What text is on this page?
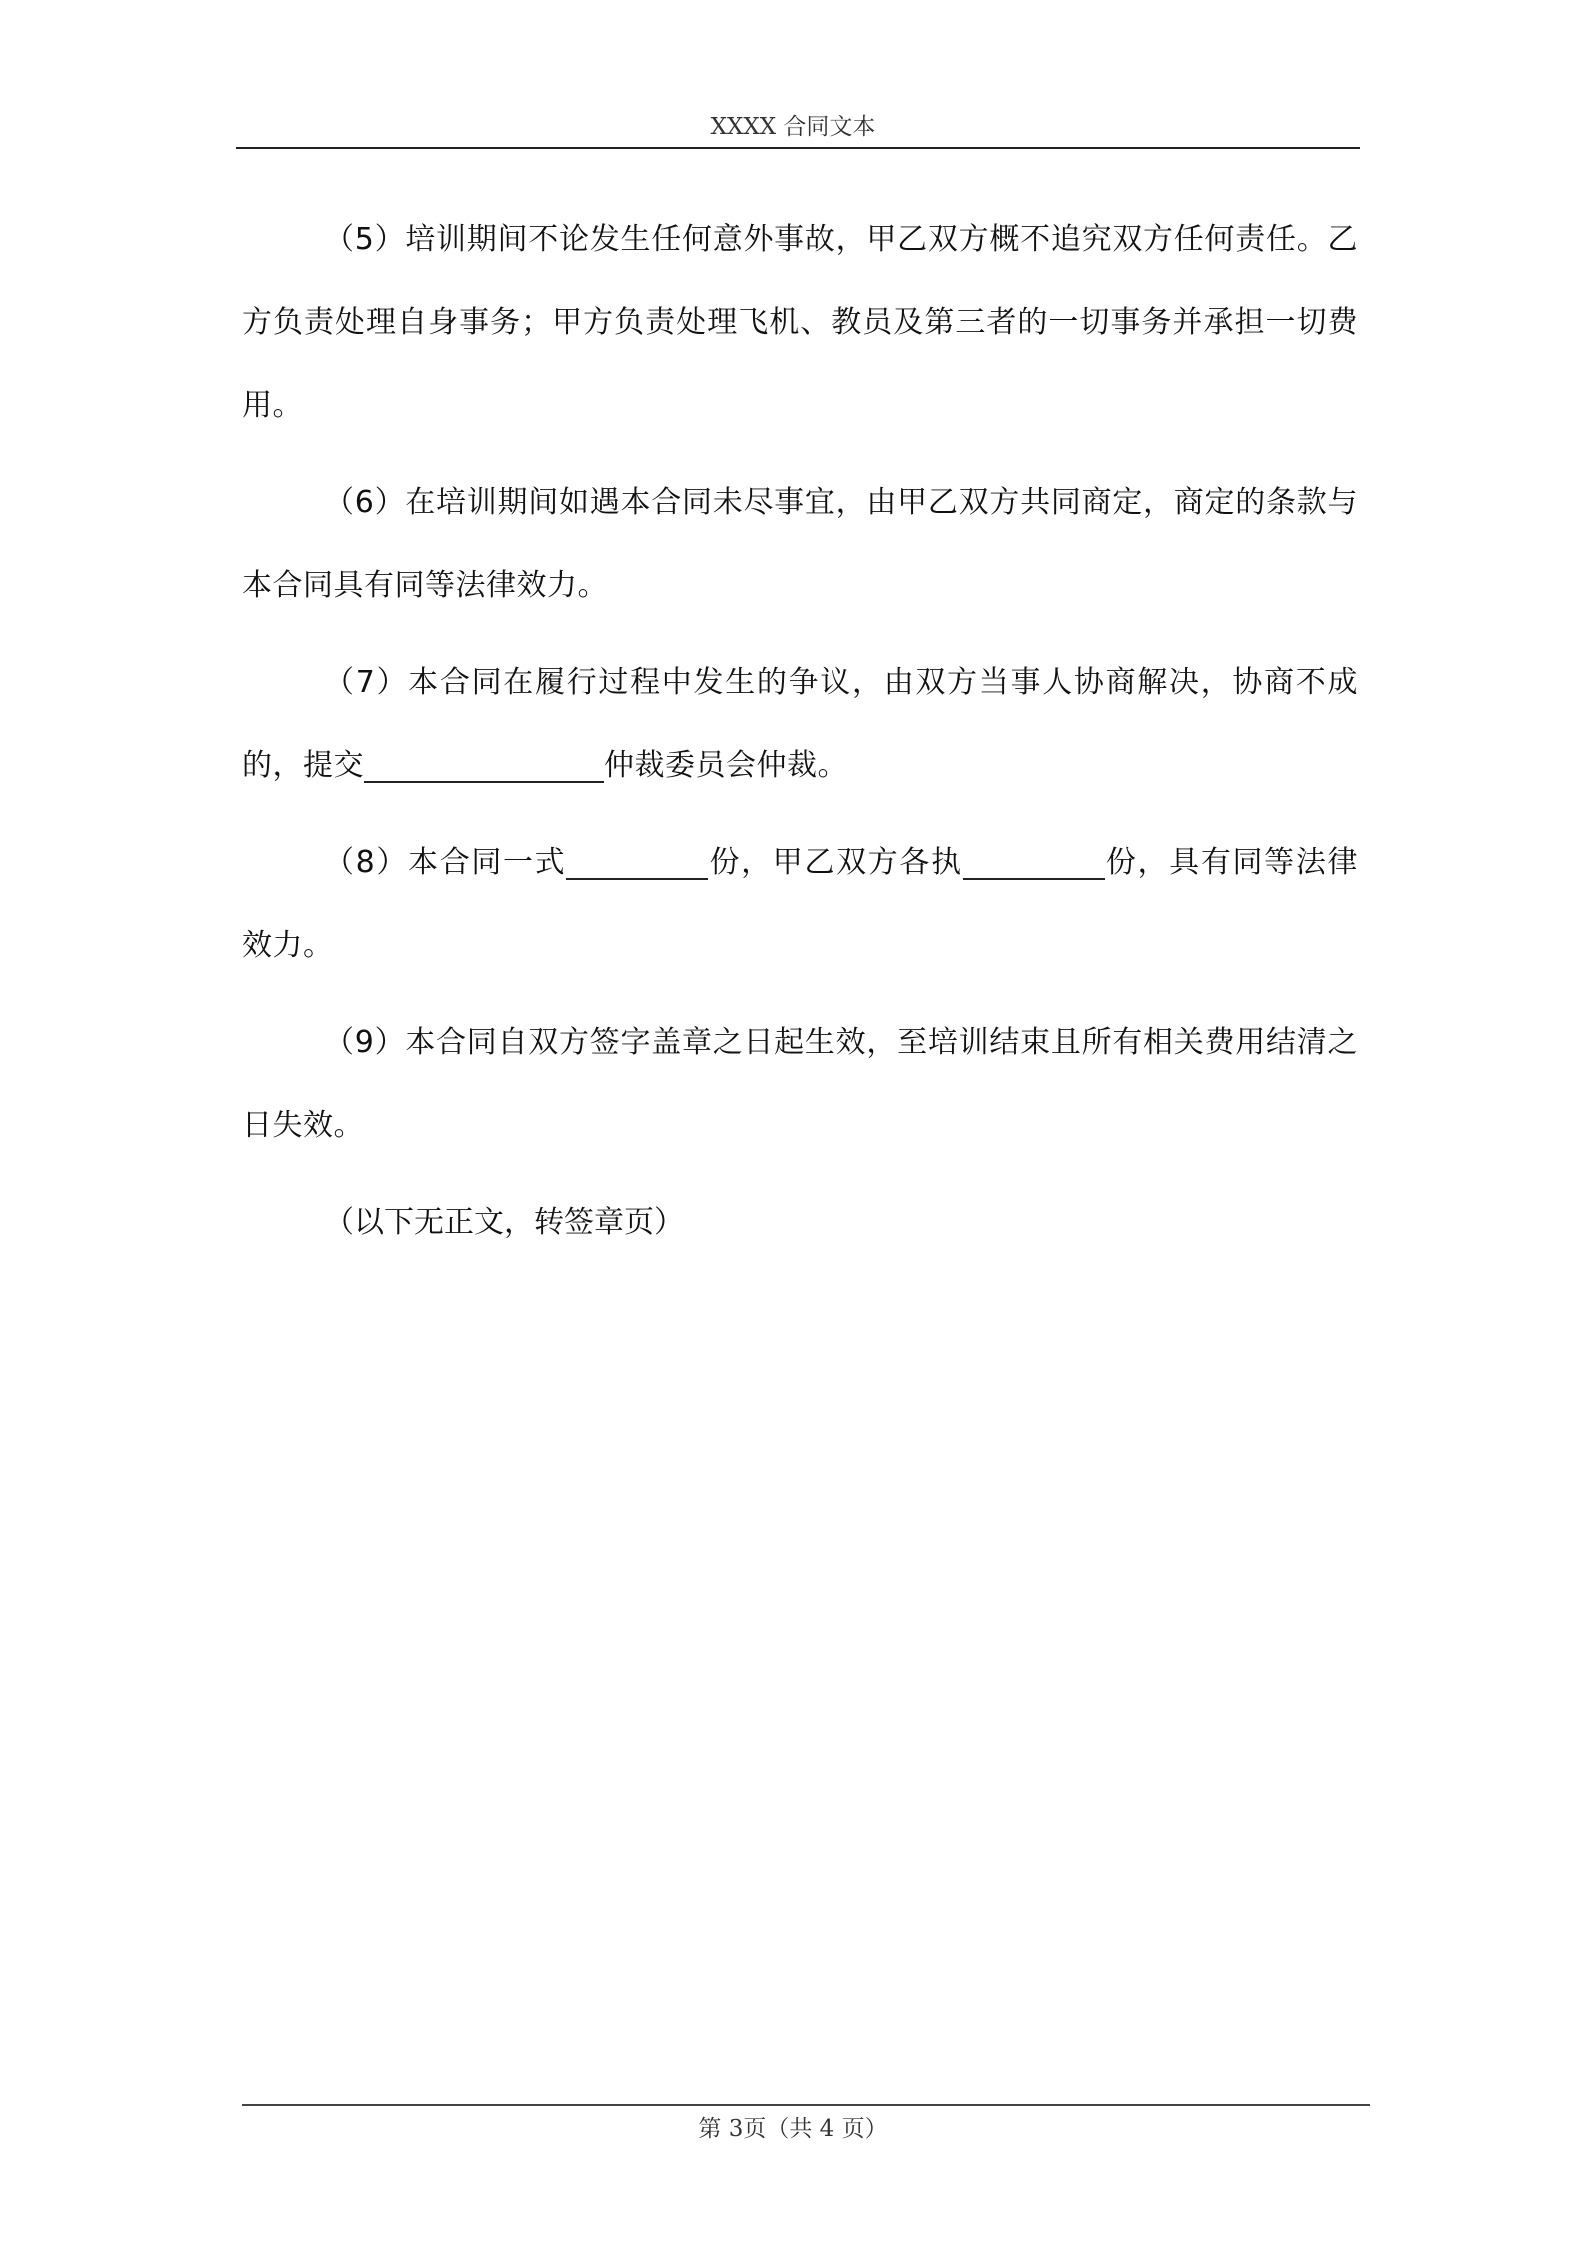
XXXX 合同文本

（5）培训期间不论发生任何意外事故，甲乙双方概不追究双方任何责任。乙方负责处理自身事务；甲方负责处理飞机、教员及第三者的一切事务并承担一切费用。

（6）在培训期间如遇本合同未尽事宜，由甲乙双方共同商定，商定的条款与本合同具有同等法律效力。

（7）本合同在履行过程中发生的争议，由双方当事人协商解决，协商不成的，提交	仲裁委员会仲裁。

（8）本合同一式	份，甲乙双方各执	份，具有同等法律效力。

（9）本合同自双方签字盖章之日起生效，至培训结束且所有相关费用结清之日失效。

（以下无正文，转签章页）

第 3页（共 4 页）
